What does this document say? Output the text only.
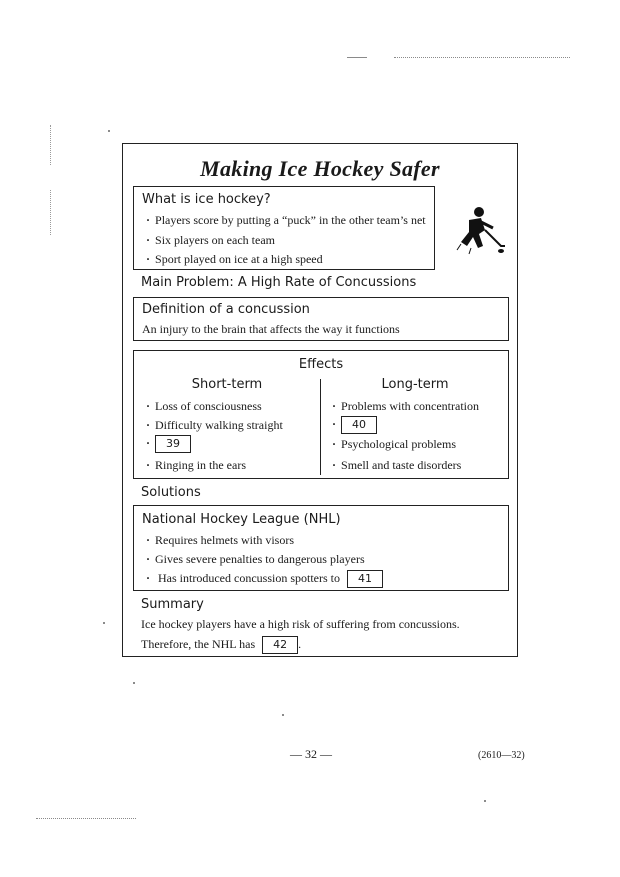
Making Ice Hockey Safer
What is ice hockey?
· Players score by putting a “puck” in the other team’s net
· Six players on each team
· Sport played on ice at a high speed
Main Problem: A High Rate of Concussions
Definition of a concussion
An injury to the brain that affects the way it functions
Effects
Short-term
· Loss of consciousness
· Difficulty walking straight
· 39
· Ringing in the ears
Long-term
· Problems with concentration
· 40
· Psychological problems
· Smell and taste disorders
Solutions
National Hockey League (NHL)
· Requires helmets with visors
· Gives severe penalties to dangerous players
· Has introduced concussion spotters to 41
Summary
Ice hockey players have a high risk of suffering from concussions.
Therefore, the NHL has 42 .
— 32 —	(2610—32)
